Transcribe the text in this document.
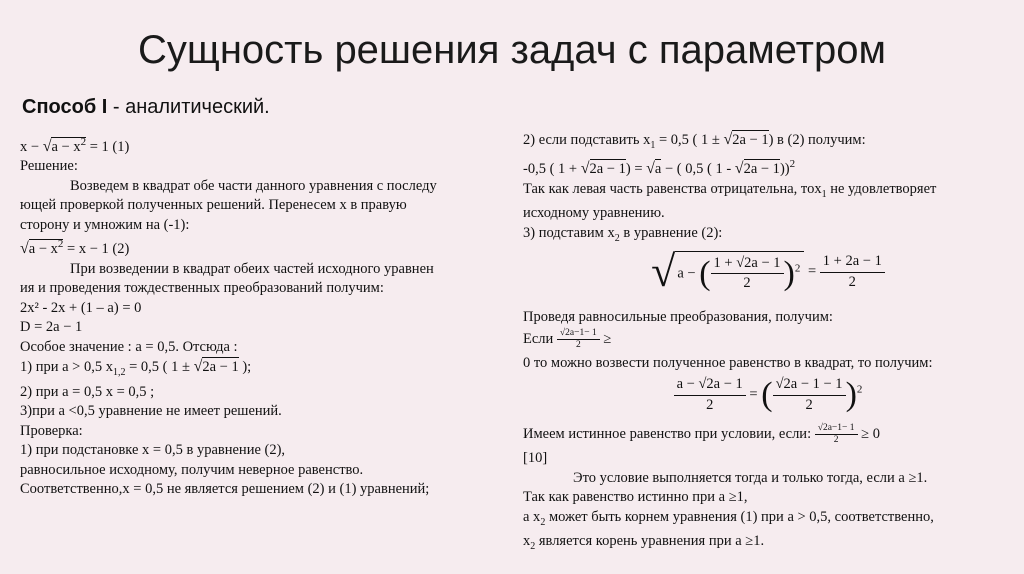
Сущность решения задач с параметром
Способ I - аналитический.
$x - √a - x^2 = 1$ (1)
Решение:
Возведем в квадрат обе части данного уравнения с последу
ющей проверкой полученных решений. Перенесем x в правую
сторону и умножим на (-1):
$√a - x^2 = x - 1$ (2)
При возведении в квадрат обеих частей исходного уравнен
ия и проведения тождественных преобразований получим:
2x² - 2x + (1 – a) = 0
D = 2a − 1
Особое значение : a = 0,5. Отсюда :
1) при a > 0,5 $x_{1,2} = 0,5$ ( 1 ± √2a − 1 );
2) при a = 0,5 x = 0,5 ;
3)при a <0,5 уравнение не имеет решений.
Проверка:
1) при подстановке x = 0,5 в уравнение (2),
равносильное исходному, получим неверное равенство.
Соответственно,x = 0,5 не является решением (2) и (1) уравнений;
2) если подставить $x_1 = 0,5$ ( 1 ± √2a − 1) в (2) получим:
-0,5 ( 1 + √2a − 1) = √a − ( 0,5 ( 1 - √2a − 1))$^2$
Так как левая часть равенства отрицательна, тоx$_1$ не удовлетворяет
исходному уравнению.
3) подставим $x_2$ в уравнение (2):
√ a − ( $\frac{1 + √2a - 1}{2} )^2 = \frac{1 + 2a - 1}{2}$
Проведя равносильные преобразования, получим:
Если $\frac{√2a-1- 1}{2}$ ≥
0 то можно возвести полученное равенство в квадрат, то получим:
$\frac{a - √2a - 1}{2}$ = ( $\frac{√2a - 1 - 1}{2} )^2$
Имеем истинное равенство при условии, если: $\frac{√2a-1- 1}{2} \ge 0$
[10]
Это условие выполняется тогда и только тогда, если a ≥1.
Так как равенство истинно при a ≥1,
a $x_2$ может быть корнем уравнения (1) при a > 0,5, соответственно,
$x_2$ является корень уравнения при a ≥1.
